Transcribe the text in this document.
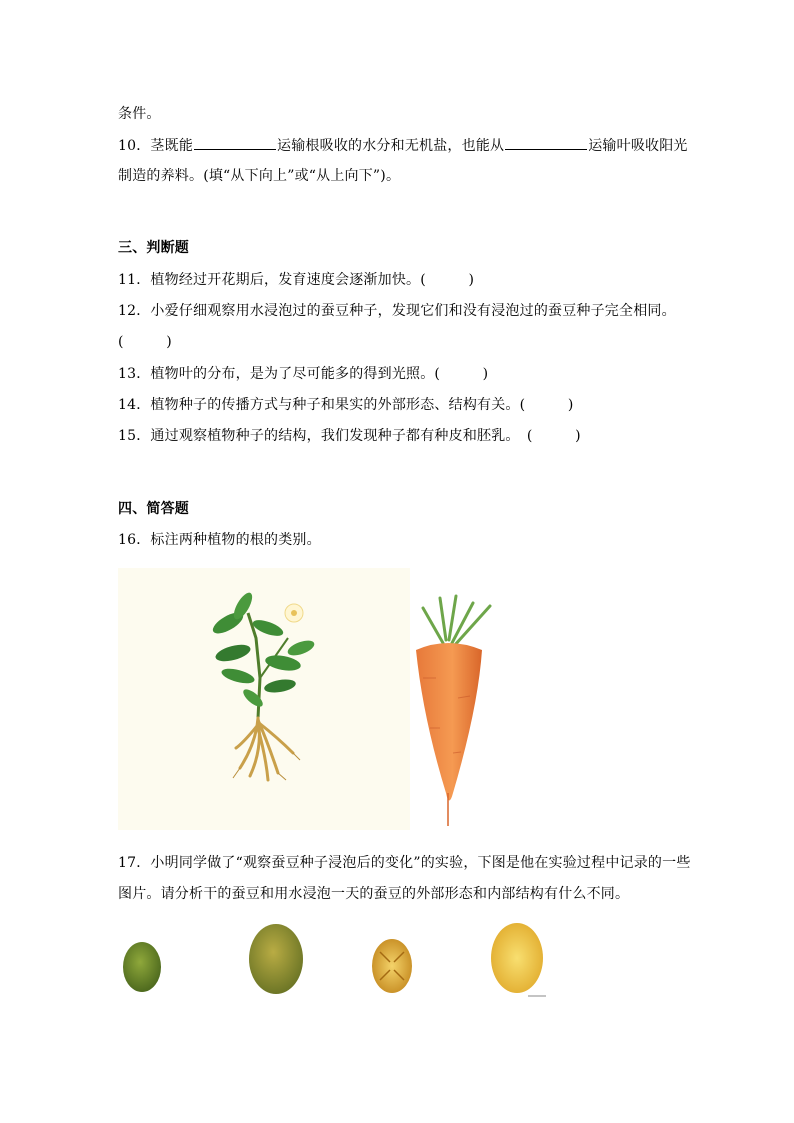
条件。
10．茎既能	运输根吸收的水分和无机盐，也能从	运输叶吸收阳光
制造的养料。(填“从下向上”或“从上向下”)。
三、判断题
11．植物经过开花期后，发育速度会逐渐加快。(　　　)
12．小爱仔细观察用水浸泡过的蚕豆种子，发现它们和没有浸泡过的蚕豆种子完全相同。
(　　　)
13．植物叶的分布，是为了尽可能多的得到光照。(　　　)
14．植物种子的传播方式与种子和果实的外部形态、结构有关。(　　　)
15．通过观察植物种子的结构，我们发现种子都有种皮和胚乳。　(　　　)
四、简答题
16．标注两种植物的根的类别。
17．小明同学做了“观察蚕豆种子浸泡后的变化”的实验，下图是他在实验过程中记录的一些
图片。请分析干的蚕豆和用水浸泡一天的蚕豆的外部形态和内部结构有什么不同。
